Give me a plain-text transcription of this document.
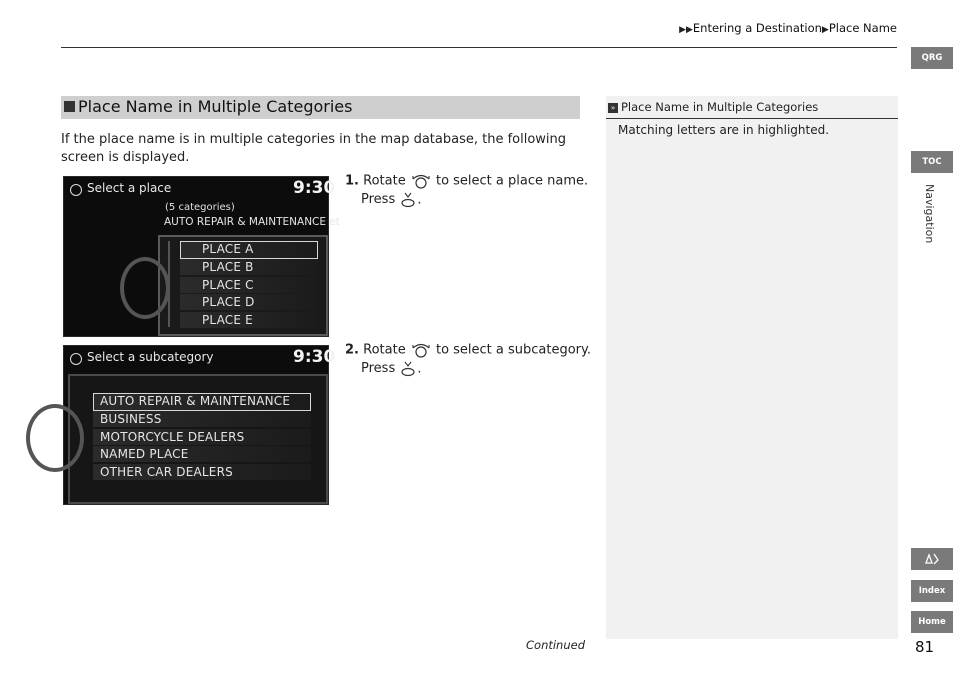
▶▶Entering a Destination▶Place Name
Place Name in Multiple Categories
If the place name is in multiple categories in the map database, the following screen is displayed.
Select a place	9:30
(5 categories)
AUTO REPAIR & MAINTENANCE et
PLACE A
PLACE B
PLACE C
PLACE D
PLACE E
Select a subcategory	9:30
AUTO REPAIR & MAINTENANCE
BUSINESS
MOTORCYCLE DEALERS
NAMED PLACE
OTHER CAR DEALERS
1. Rotate to select a place name.
Press .
2. Rotate to select a subcategory.
Press .
» Place Name in Multiple Categories
Matching letters are in highlighted.
QRG
TOC
Navigation
Index
Home
Continued	81
